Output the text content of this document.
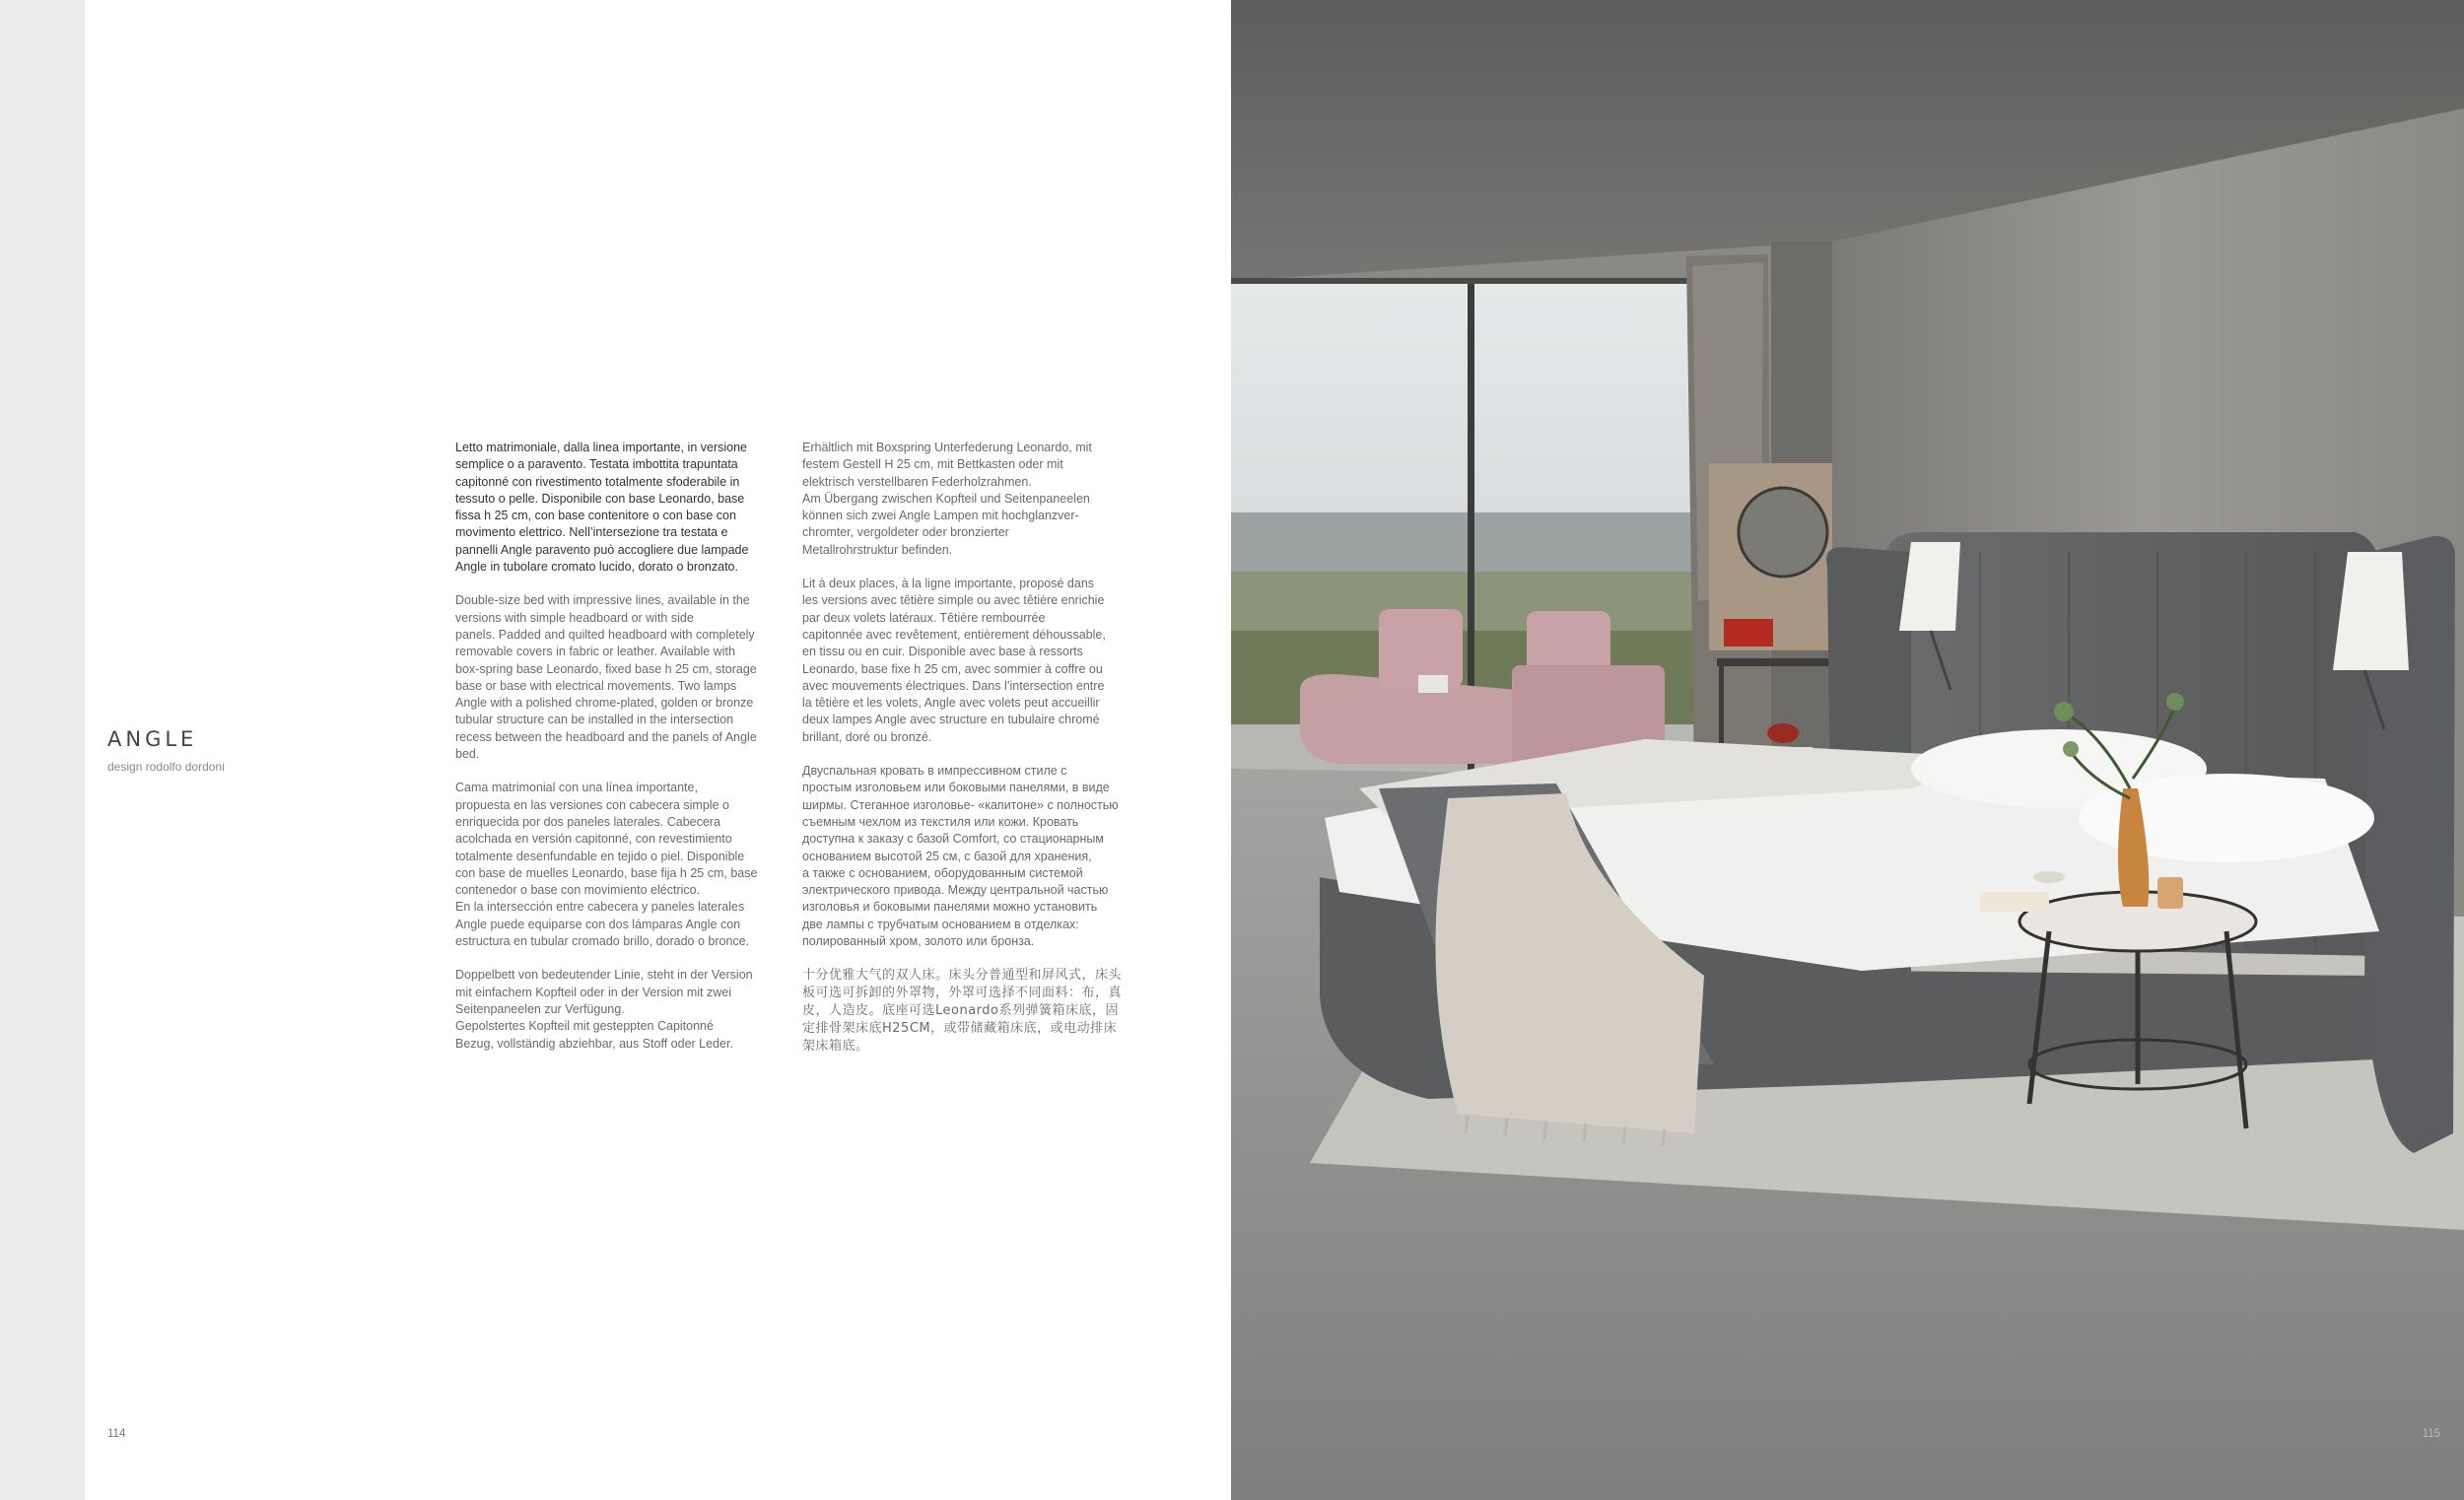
ANGLE
design rodolfo dordoni

Letto matrimoniale, dalla linea importante, in versione
semplice o a paravento. Testata imbottita trapuntata
capitonné con rivestimento totalmente sfoderabile in
tessuto o pelle. Disponibile con base Leonardo, base
fissa h 25 cm, con base contenitore o con base con
movimento elettrico. Nell’intersezione tra testata e
pannelli Angle paravento può accogliere due lampade
Angle in tubolare cromato lucido, dorato o bronzato.

Double-size bed with impressive lines, available in the
versions with simple headboard or with side
panels. Padded and quilted headboard with completely
removable covers in fabric or leather. Available with
box-spring base Leonardo, fixed base h 25 cm, storage
base or base with electrical movements. Two lamps
Angle with a polished chrome-plated, golden or bronze
tubular structure can be installed in the intersection
recess between the headboard and the panels of Angle
bed.

Cama matrimonial con una línea importante,
propuesta en las versiones con cabecera simple o
enriquecida por dos paneles laterales. Cabecera
acolchada en versión capitonné, con revestimiento
totalmente desenfundable en tejido o piel. Disponible
con base de muelles Leonardo, base fija h 25 cm, base
contenedor o base con movimiento eléctrico.
En la intersección entre cabecera y paneles laterales
Angle puede equiparse con dos lámparas Angle con
estructura en tubular cromado brillo, dorado o bronce.

Doppelbett von bedeutender Linie, steht in der Version
mit einfachem Kopfteil oder in der Version mit zwei
Seitenpaneelen zur Verfügung.
Gepolstertes Kopfteil mit gesteppten Capitonné
Bezug, vollständig abziehbar, aus Stoff oder Leder.

Erhältlich mit Boxspring Unterfederung Leonardo, mit
festem Gestell H 25 cm, mit Bettkasten oder mit
elektrisch verstellbaren Federholzrahmen.
Am Übergang zwischen Kopfteil und Seitenpaneelen
können sich zwei Angle Lampen mit hochglanzver-
chromter, vergoldeter oder bronzierter
Metallrohrstruktur befinden.

Lit à deux places, à la ligne importante, proposé dans
les versions avec têtière simple ou avec têtière enrichie
par deux volets latéraux. Têtière rembourrée
capitonnée avec revêtement, entièrement déhoussable,
en tissu ou en cuir. Disponible avec base à ressorts
Leonardo, base fixe h 25 cm, avec sommier à coffre ou
avec mouvements électriques. Dans l’intersection entre
la têtière et les volets, Angle avec volets peut accueillir
deux lampes Angle avec structure en tubulaire chromé
brillant, doré ou bronzé.

Двуспальная кровать в импрессивном стиле с
простым изголовьем или боковыми панелями, в виде
ширмы. Стеганное изголовье- «капитоне» с полностью
съемным чехлом из текстиля или кожи. Кровать
доступна к заказу с базой Comfort, со стационарным
основанием высотой 25 см, с базой для хранения,
а также с основанием, оборудованным системой
электрического привода. Между центральной частью
изголовья и боковыми панелями можно установить
две лампы с трубчатым основанием в отделках:
полированный хром, золото или бронза.

十分优雅大气的双人床。床头分普通型和屏风式，床头
板可选可拆卸的外罩物，外罩可选择不同面料：布，真
皮，人造皮。底座可选Leonardo系列弹簧箱床底，固
定排骨架床底H25CM，或带储藏箱床底，或电动排床
架床箱底。

114	115
